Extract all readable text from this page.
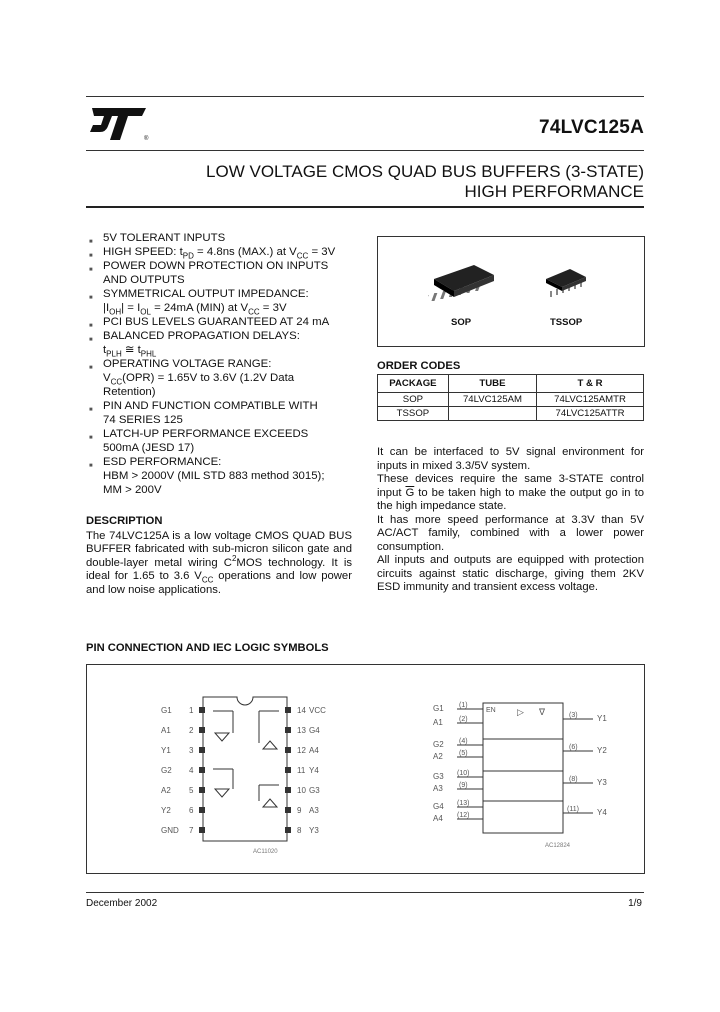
®
74LVC125A
LOW VOLTAGE CMOS QUAD BUS BUFFERS (3-STATE)
HIGH PERFORMANCE
■ 5V TOLERANT INPUTS
■ HIGH SPEED: $t_{PD} = 4.8ns$ (MAX.) at $V_{CC} = 3V$
■ POWER DOWN PROTECTION ON INPUTS
AND OUTPUTS
■ SYMMETRICAL OUTPUT IMPEDANCE:
$|I_{OH}| = I_{OL} = 24mA$ (MIN) at $V_{CC} = 3V$
■ PCI BUS LEVELS GUARANTEED AT 24 mA
■ BALANCED PROPAGATION DELAYS:
$t_{PLH}$ ≅ $t_{PHL}$
■ OPERATING VOLTAGE RANGE:
$V_{CC}(OPR) = 1.65V$ to 3.6V (1.2V Data
Retention)
■ PIN AND FUNCTION COMPATIBLE WITH
74 SERIES 125
■ LATCH-UP PERFORMANCE EXCEEDS
500mA (JESD 17)
■ ESD PERFORMANCE:
HBM > 2000V (MIL STD 883 method 3015);
MM > 200V
DESCRIPTION
The 74LVC125A is a low voltage CMOS QUAD BUS BUFFER fabricated with sub-micron silicon gate and double-layer metal wiring $C^2MOS$ technology. It is ideal for 1.65 to 3.6 $V_{CC}$ operations and low power and low noise applications.
SOP	TSSOP
ORDER CODES
PACKAGE	TUBE	T & R
SOP	74LVC125AM	74LVC125AMTR
TSSOP		74LVC125ATTR

It can be interfaced to 5V signal environment for inputs in mixed 3.3/5V system.

These devices require the same 3-STATE control input $\overline{G}$ to be taken high to make the output go in to the high impedance state.

It has more speed performance at 3.3V than 5V AC/ACT family, combined with a lower power consumption.

All inputs and outputs are equipped with protection circuits against static discharge, giving them 2KV ESD immunity and transient excess voltage.

PIN CONNECTION AND IEC LOGIC SYMBOLS
G1
A1
Y1
G2
A2
Y2
GND
1
2
3
4
5
6
7
14
13
12
11
10
9
8
VCC
G4
A4
Y4
G3
A3
Y3
AC11020
EN ▷ ∇
G1
A1
G2
A2
G3
A3
G4
A4
(1)
(2)
(4)
(5)
(10)
(9)
(13)
(12)
(3)
(6)
(8)
(11)
Y1
Y2
Y3
Y4
AC12824
December 2002	1/9
